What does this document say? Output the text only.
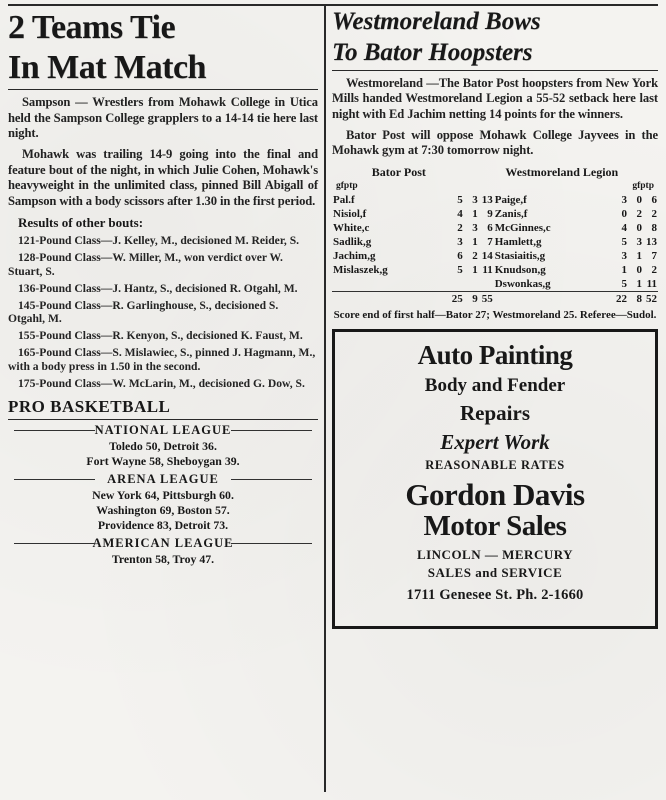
2 Teams Tie
In Mat Match

Sampson — Wrestlers from Mohawk College in Utica held the Sampson College grapplers to a 14-14 tie here last night.

Mohawk was trailing 14-9 going into the final and feature bout of the night, in which Julie Cohen, Mohawk's heavyweight in the unlimited class, pinned Bill Abigall of Sampson with a body scissors after 1.30 in the first period.

Results of other bouts:
121-Pound Class—J. Kelley, M., decisioned M. Reider, S.
128-Pound Class—W. Miller, M., won verdict over W. Stuart, S.
136-Pound Class—J. Hantz, S., decisioned R. Otgahl, M.
145-Pound Class—R. Garlinghouse, S., decisioned S. Otgahl, M.
155-Pound Class—R. Kenyon, S., decisioned K. Faust, M.
165-Pound Class—S. Mislawiec, S., pinned J. Hagmann, M., with a body press in 1.50 in the second.
175-Pound Class—W. McLarin, M., decisioned G. Dow, S.
PRO BASKETBALL
NATIONAL LEAGUE
Toledo 50, Detroit 36.
Fort Wayne 58, Sheboygan 39.
ARENA LEAGUE
New York 64, Pittsburgh 60.
Washington 69, Boston 57.
Providence 83, Detroit 73.
AMERICAN LEAGUE
Trenton 58, Troy 47.
Westmoreland Bows
To Bator Hoopsters

Westmoreland —The Bator Post hoopsters from New York Mills handed Westmoreland Legion a 55-52 setback here last night with Ed Jachim netting 14 points for the winners.

Bator Post will oppose Mohawk College Jayvees in the Mohawk gym at 7:30 tomorrow night.

Bator Post	Westmoreland Legion
g fp tp	g fp tp
Pal.f	5	3	13	Paige,f	3	0	6
Nisiol,f	4	1	9	Zanis,f	0	2	2
White,c	2	3	6	McGinnes,c	4	0	8
Sadlik,g	3	1	7	Hamlett,g	5	3	13
Jachim,g	6	2	14	Stasiaitis,g	3	1	7
Mislaszek,g	5	1	11	Knudson,g	1	0	2
				Dswonkas,g	5	1	11
	25	9	55		22	8	52
Score end of first half—Bator 27; Westmoreland 25. Referee—Sudol.
Auto Painting
Body and Fender
Repairs
Expert Work
REASONABLE RATES
Gordon Davis
Motor Sales
LINCOLN — MERCURY
SALES and SERVICE
1711 Genesee St. Ph. 2-1660
